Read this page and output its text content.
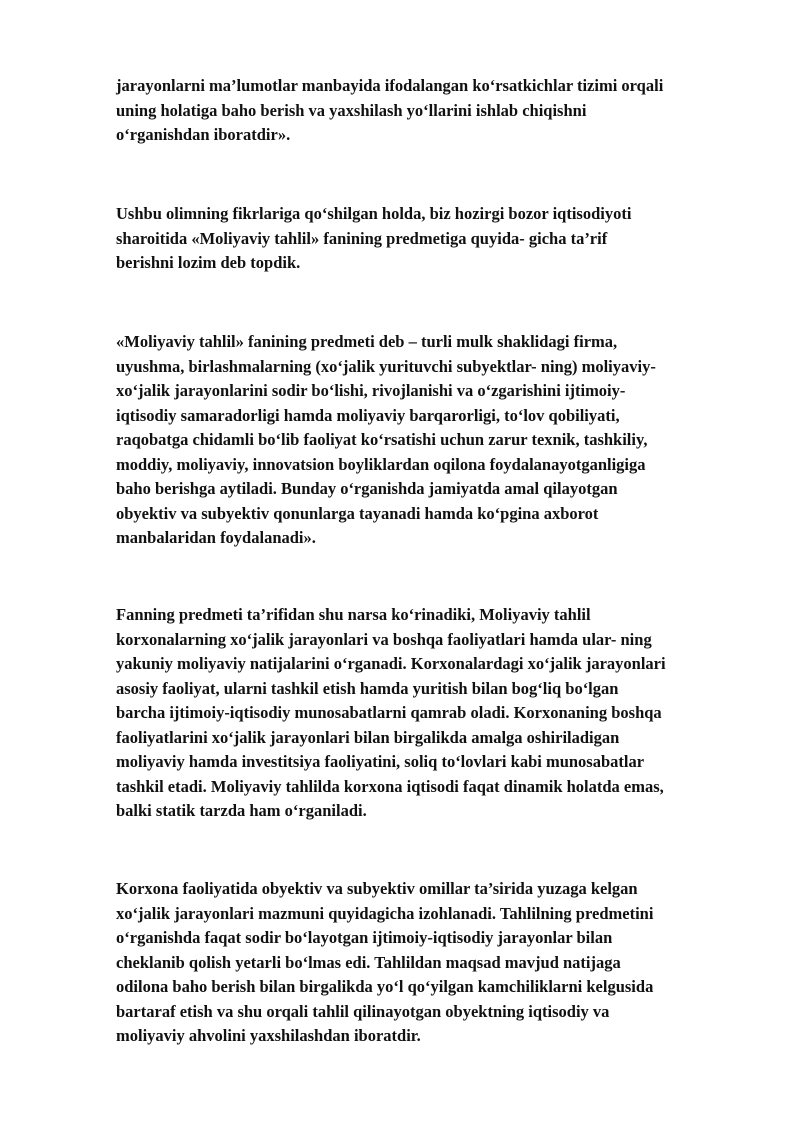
jarayonlarni ma’lumotlar manbayida ifodalangan ko‘rsatkichlar tizimi orqali
uning holatiga baho berish va yaxshilash yo‘llarini ishlab chiqishni
o‘rganishdan iboratdir».
Ushbu olimning fikrlariga qo‘shilgan holda, biz hozirgi bozor iqtisodiyoti
sharoitida «Moliyaviy tahlil» fanining predmetiga quyida- gicha ta’rif
berishni lozim deb topdik.
«Moliyaviy tahlil» fanining predmeti deb – turli mulk shaklidagi firma,
uyushma, birlashmalarning (xo‘jalik yurituvchi subyektlar- ning) moliyaviy-
xo‘jalik jarayonlarini sodir bo‘lishi, rivojlanishi va o‘zgarishini ijtimoiy-
iqtisodiy samaradorligi hamda moliyaviy barqarorligi, to‘lov qobiliyati,
raqobatga chidamli bo‘lib faoliyat ko‘rsatishi uchun zarur texnik, tashkiliy,
moddiy, moliyaviy, innovatsion boyliklardan oqilona foydalanayotganligiga
baho berishga aytiladi. Bunday o‘rganishda jamiyatda amal qilayotgan
obyektiv va subyektiv qonunlarga tayanadi hamda ko‘pgina axborot
manbalaridan foydalanadi».
Fanning predmeti ta’rifidan shu narsa ko‘rinadiki, Moliyaviy tahlil
korxonalarning xo‘jalik jarayonlari va boshqa faoliyatlari hamda ular- ning
yakuniy moliyaviy natijalarini o‘rganadi. Korxonalardagi xo‘jalik jarayonlari
asosiy faoliyat, ularni tashkil etish hamda yuritish bilan bog‘liq bo‘lgan
barcha ijtimoiy-iqtisodiy munosabatlarni qamrab oladi. Korxonaning boshqa
faoliyatlarini xo‘jalik jarayonlari bilan birgalikda amalga oshiriladigan
moliyaviy hamda investitsiya faoliyatini, soliq to‘lovlari kabi munosabatlar
tashkil etadi. Moliyaviy tahlilda korxona iqtisodi faqat dinamik holatda emas,
balki statik tarzda ham o‘rganiladi.
Korxona faoliyatida obyektiv va subyektiv omillar ta’sirida yuzaga kelgan
xo‘jalik jarayonlari mazmuni quyidagicha izohlanadi. Tahlilning predmetini
o‘rganishda faqat sodir bo‘layotgan ijtimoiy-iqtisodiy jarayonlar bilan
cheklanib qolish yetarli bo‘lmas edi. Tahlildan maqsad mavjud natijaga
odilona baho berish bilan birgalikda yo‘l qo‘yilgan kamchiliklarni kelgusida
bartaraf etish va shu orqali tahlil qilinayotgan obyektning iqtisodiy va
moliyaviy ahvolini yaxshilashdan iboratdir.
